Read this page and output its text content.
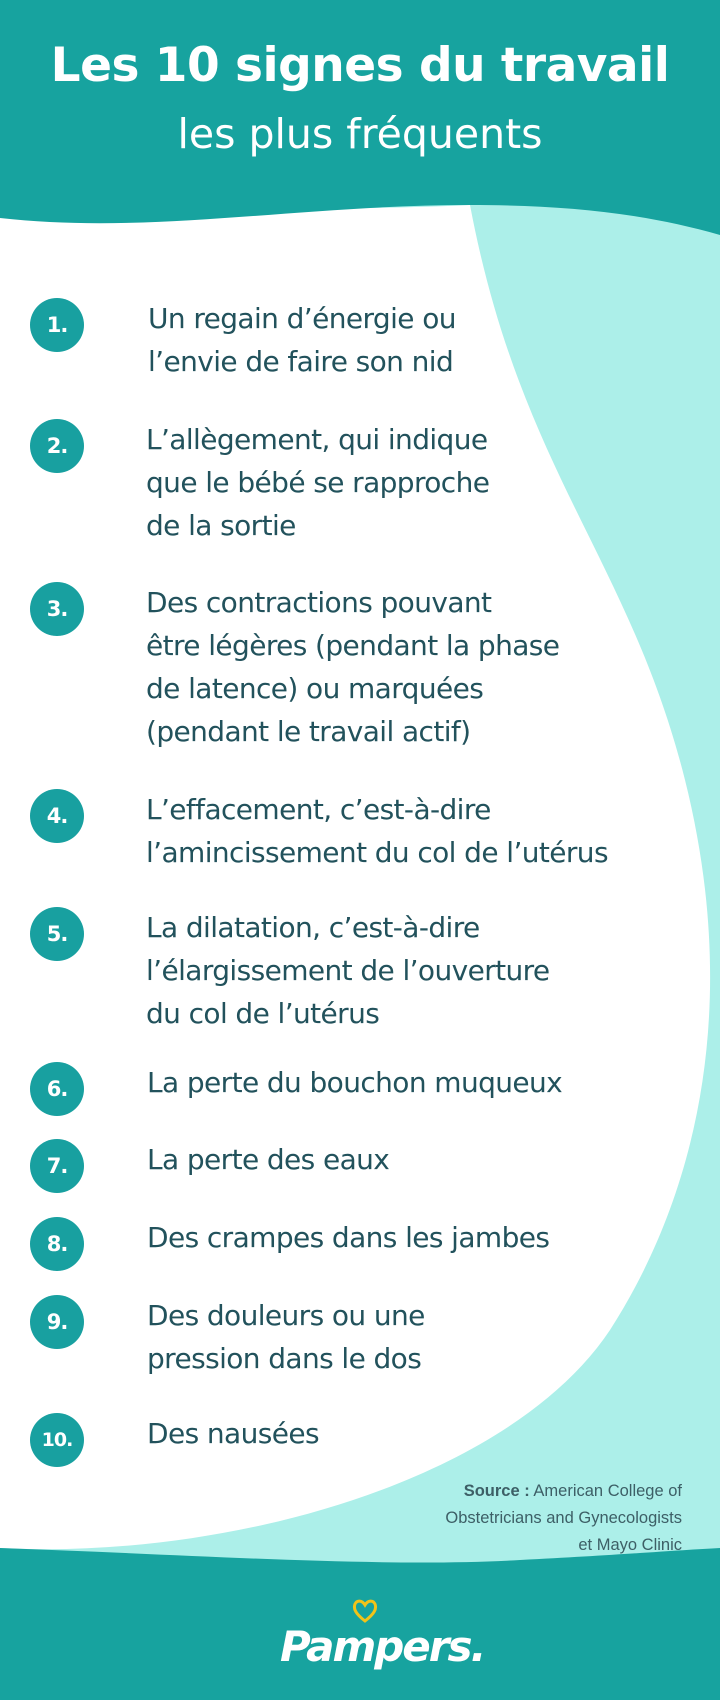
Les 10 signes du travail
les plus fréquents
1.	Un regain d’énergie ou
l’envie de faire son nid
2.	L’allègement, qui indique
que le bébé se rapproche
de la sortie
3.	Des contractions pouvant
être légères (pendant la phase
de latence) ou marquées
(pendant le travail actif)
4.	L’effacement, c’est-à-dire
l’amincissement du col de l’utérus
5.	La dilatation, c’est-à-dire
l’élargissement de l’ouverture
du col de l’utérus
6.	La perte du bouchon muqueux
7.	La perte des eaux
8.	Des crampes dans les jambes
9.	Des douleurs ou une
pression dans le dos
10.	Des nausées
Source : American College of
Obstetricians and Gynecologists
et Mayo Clinic
Pampers.
